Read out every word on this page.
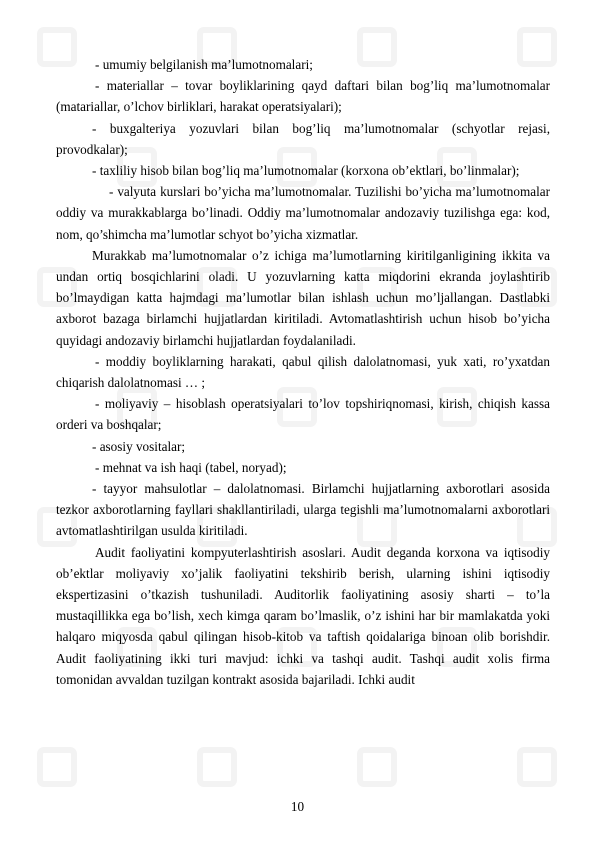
- umumiy belgilanish ma’lumotnomalari;

- materiallar – tovar boyliklarining qayd daftari bilan bog’liq ma’lumotnomalar (matariallar, o’lchov birliklari, harakat operatsiyalari);

- buxgalteriya yozuvlari bilan bog’liq ma’lumotnomalar (schyotlar rejasi, provodkalar);

- taxliliy hisob bilan bog’liq ma’lumotnomalar (korxona ob’ektlari, bo’linmalar);

- valyuta kurslari bo’yicha ma’lumotnomalar. Tuzilishi bo’yicha ma’lumotnomalar oddiy va murakkablarga bo’linadi. Oddiy ma’lumotnomalar andozaviy tuzilishga ega: kod, nom, qo’shimcha ma’lumotlar schyot bo’yicha xizmatlar.

Murakkab ma’lumotnomalar o’z ichiga ma’lumotlarning kiritilganligining ikkita va undan ortiq bosqichlarini oladi. U yozuvlarning katta miqdorini ekranda joylashtirib bo’lmaydigan katta hajmdagi ma’lumotlar bilan ishlash uchun mo’ljallangan. Dastlabki axborot bazaga birlamchi hujjatlardan kiritiladi. Avtomatlashtirish uchun hisob bo’yicha quyidagi andozaviy birlamchi hujjatlardan foydalaniladi.

- moddiy boyliklarning harakati, qabul qilish dalolatnomasi, yuk xati, ro’yxatdan chiqarish dalolatnomasi … ;

- moliyaviy – hisoblash operatsiyalari to’lov topshiriqnomasi, kirish, chiqish kassa orderi va boshqalar;

- asosiy vositalar;

- mehnat va ish haqi (tabel, noryad);

- tayyor mahsulotlar – dalolatnomasi. Birlamchi hujjatlarning axborotlari asosida tezkor axborotlarning fayllari shakllantiriladi, ularga tegishli ma’lumotnomalarni axborotlari avtomatlashtirilgan usulda kiritiladi.

Audit faoliyatini kompyuterlashtirish asoslari. Audit deganda korxona va iqtisodiy ob’ektlar moliyaviy xo’jalik faoliyatini tekshirib berish, ularning ishini iqtisodiy ekspertizasini o’tkazish tushuniladi. Auditorlik faoliyatining asosiy sharti – to’la mustaqillikka ega bo’lish, xech kimga qaram bo’lmaslik, o’z ishini har bir mamlakatda yoki halqaro miqyosda qabul qilingan hisob-kitob va taftish qoidalariga binoan olib borishdir. Audit faoliyatining ikki turi mavjud: ichki va tashqi audit. Tashqi audit xolis firma tomonidan avvaldan tuzilgan kontrakt asosida bajariladi. Ichki audit

10
